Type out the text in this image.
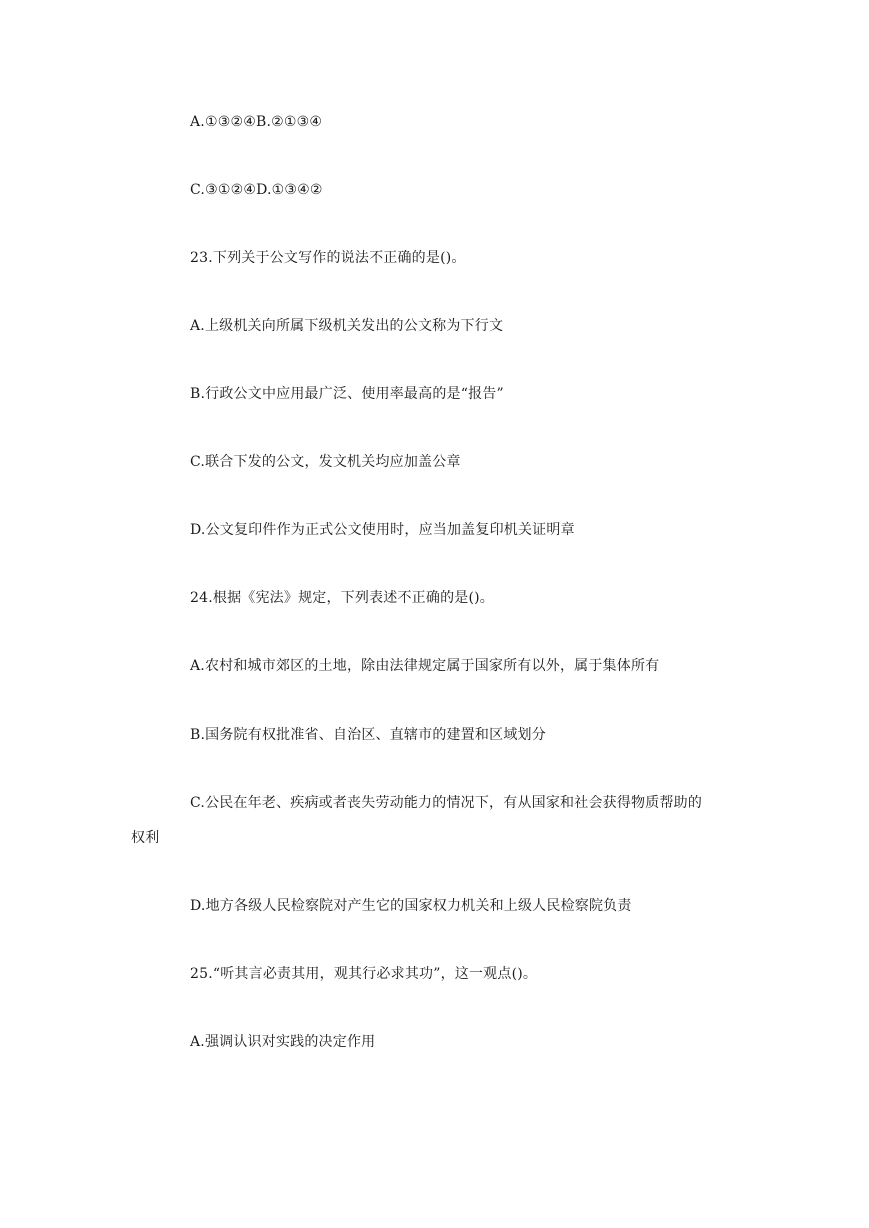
A.①③②④B.②①③④
C.③①②④D.①③④②
23.下列关于公文写作的说法不正确的是()。
A.上级机关向所属下级机关发出的公文称为下行文
B.行政公文中应用最广泛、使用率最高的是“报告”
C.联合下发的公文，发文机关均应加盖公章
D.公文复印件作为正式公文使用时，应当加盖复印机关证明章
24.根据《宪法》规定，下列表述不正确的是()。
A.农村和城市郊区的土地，除由法律规定属于国家所有以外，属于集体所有
B.国务院有权批准省、自治区、直辖市的建置和区域划分
C.公民在年老、疾病或者丧失劳动能力的情况下，有从国家和社会获得物质帮助的
权利
D.地方各级人民检察院对产生它的国家权力机关和上级人民检察院负责
25.“听其言必责其用，观其行必求其功”，这一观点()。
A.强调认识对实践的决定作用
